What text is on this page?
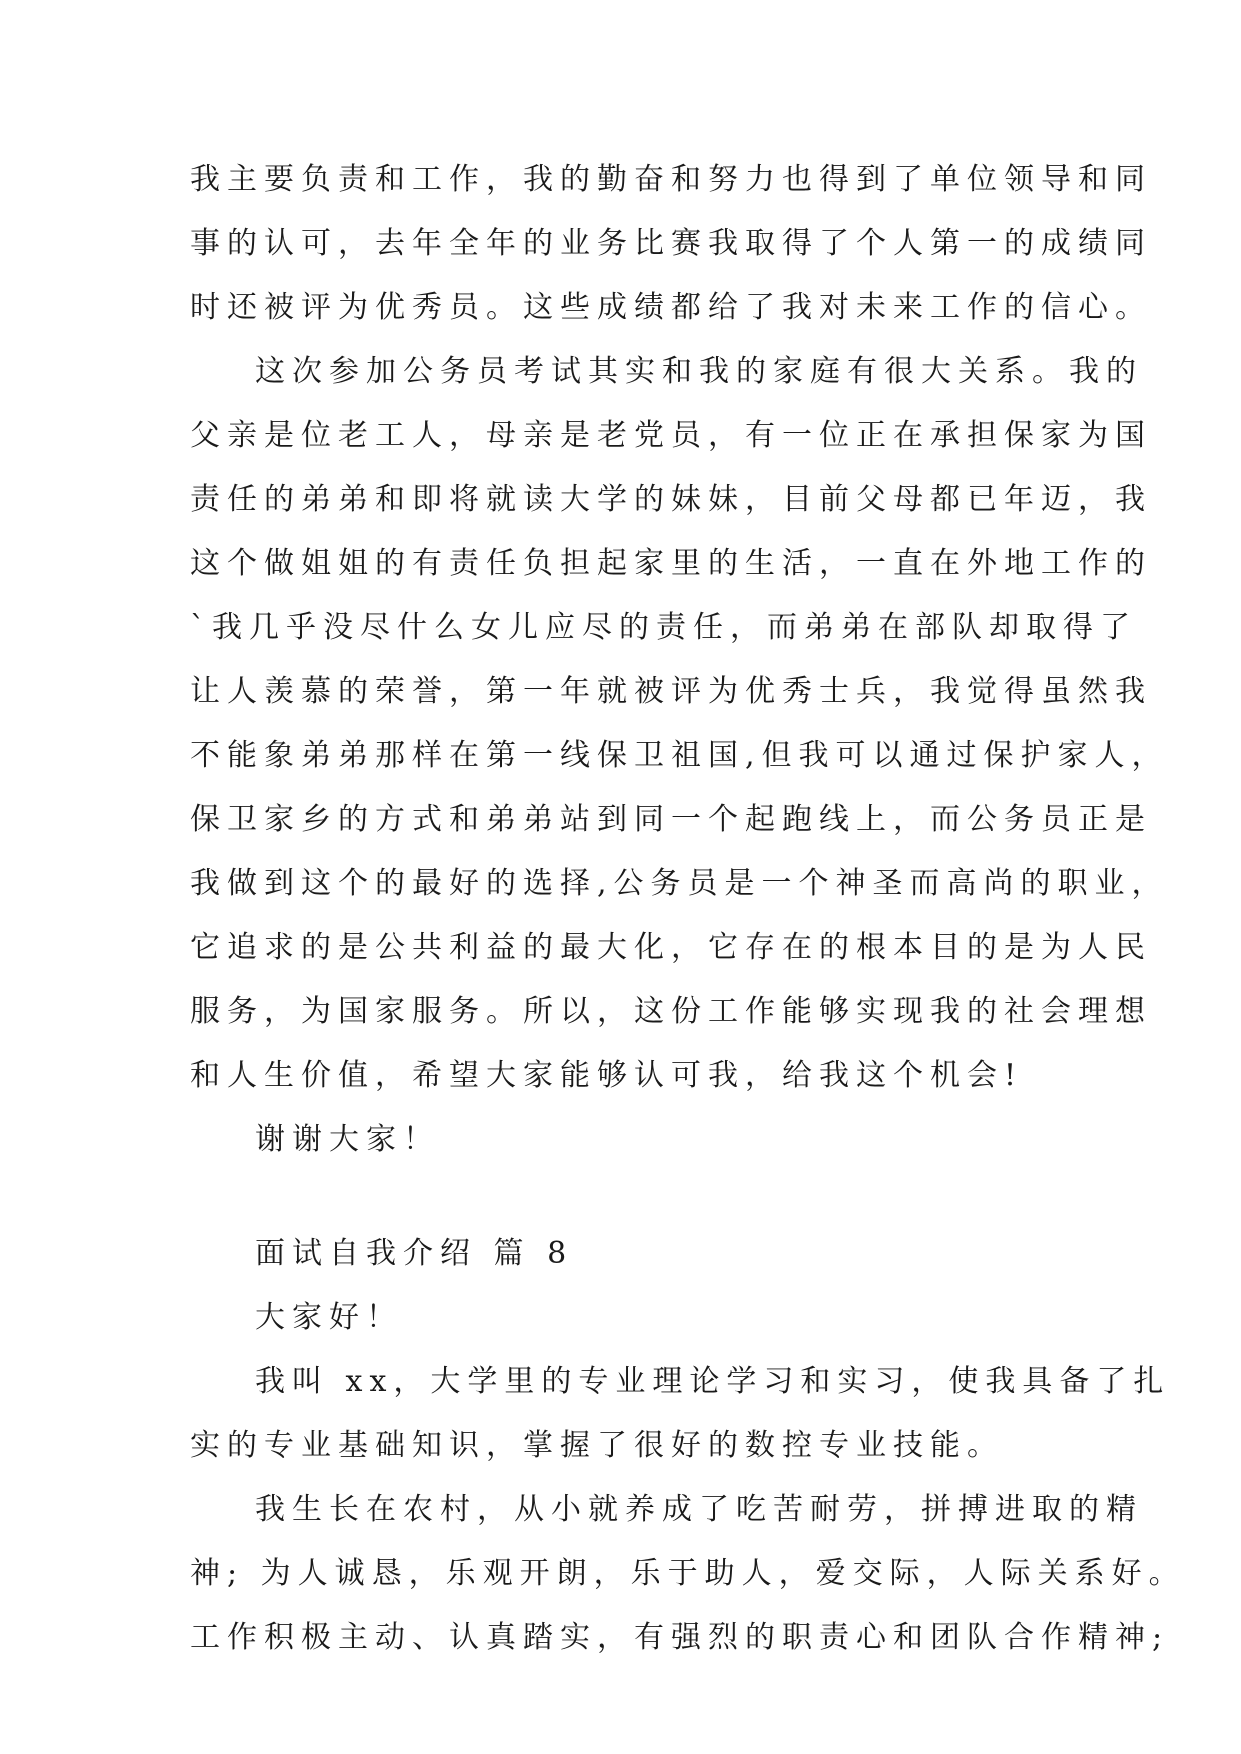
我主要负责和工作，我的勤奋和努力也得到了单位领导和同

事的认可，去年全年的业务比赛我取得了个人第一的成绩同

时还被评为优秀员。这些成绩都给了我对未来工作的信心。

这次参加公务员考试其实和我的家庭有很大关系。我的

父亲是位老工人，母亲是老党员，有一位正在承担保家为国

责任的弟弟和即将就读大学的妹妹，目前父母都已年迈，我

这个做姐姐的有责任负担起家里的生活，一直在外地工作的

`我几乎没尽什么女儿应尽的责任，而弟弟在部队却取得了

让人羡慕的荣誉，第一年就被评为优秀士兵，我觉得虽然我

不能象弟弟那样在第一线保卫祖国,但我可以通过保护家人，

保卫家乡的方式和弟弟站到同一个起跑线上，而公务员正是

我做到这个的最好的选择,公务员是一个神圣而高尚的职业，

它追求的是公共利益的最大化，它存在的根本目的是为人民

服务，为国家服务。所以，这份工作能够实现我的社会理想

和人生价值，希望大家能够认可我，给我这个机会!

谢谢大家！

面试自我介绍 篇 8

大家好！

我叫 xx，大学里的专业理论学习和实习，使我具备了扎

实的专业基础知识，掌握了很好的数控专业技能。

我生长在农村，从小就养成了吃苦耐劳，拼搏进取的精

神; 为人诚恳，乐观开朗，乐于助人，爱交际，人际关系好。

工作积极主动、认真踏实，有强烈的职责心和团队合作精神;
